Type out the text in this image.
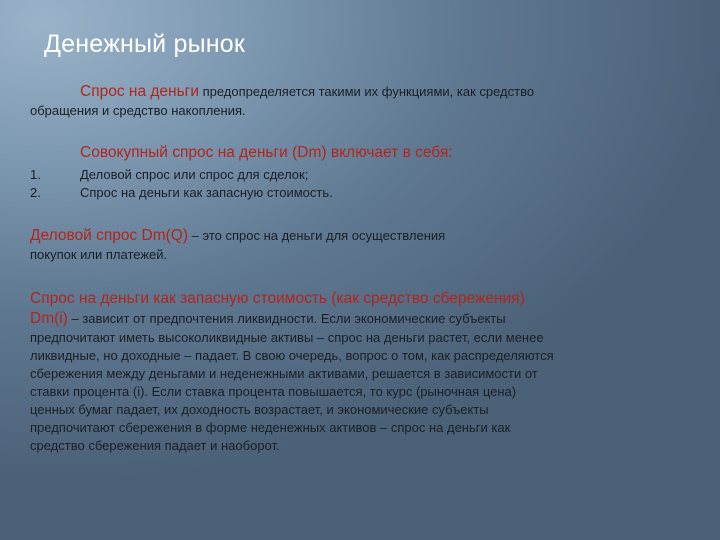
Денежный рынок
Спрос на деньги предопределяется такими их функциями, как средство
обращения и средство накопления.
Совокупный спрос на деньги (Dm) включает в себя:
1.	Деловой спрос или спрос для сделок;
2.	Спрос на деньги как запасную стоимость.
Деловой спрос Dm(Q) – это спрос на деньги для осуществления
покупок или платежей.
Спрос на деньги как запасную стоимость (как средство сбережения)
Dm(i) – зависит от предпочтения ликвидности. Если экономические субъекты
предпочитают иметь высоколиквидные активы – спрос на деньги растет, если менее
ликвидные, но доходные – падает. В свою очередь, вопрос о том, как распределяются
сбережения между деньгами и неденежными активами, решается в зависимости от
ставки процента (i). Если ставка процента повышается, то курс (рыночная цена)
ценных бумаг падает, их доходность возрастает, и экономические субъекты
предпочитают сбережения в форме неденежных активов – спрос на деньги как
средство сбережения падает и наоборот.
